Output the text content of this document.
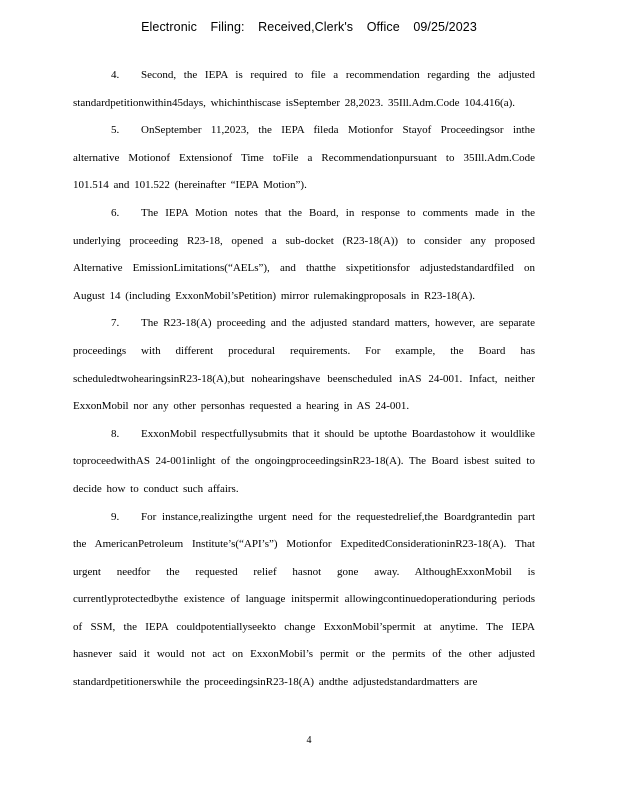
Electronic Filing: Received,Clerk's Office 09/25/2023

4. Second, the IEPA is required to file a recommendation regarding the adjusted standardpetitionwithin45days, whichinthiscase isSeptember 28,2023. 35Ill.Adm.Code 104.416(a).

5. OnSeptember 11,2023, the IEPA fileda Motionfor Stayof Proceedingsor inthe alternative Motionof Extensionof Time toFile a Recommendationpursuant to 35Ill.Adm.Code 101.514 and 101.522 (hereinafter “IEPA Motion”).

6. The IEPA Motion notes that the Board, in response to comments made in the underlying proceeding R23-18, opened a sub-docket (R23-18(A)) to consider any proposed Alternative EmissionLimitations(“AELs”), and thatthe sixpetitionsfor adjustedstandardfiled on August 14 (including ExxonMobil’sPetition) mirror rulemakingproposals in R23-18(A).

7. The R23-18(A) proceeding and the adjusted standard matters, however, are separate proceedings with different procedural requirements. For example, the Board has scheduledtwohearingsinR23-18(A),but nohearingshave beenscheduled inAS 24-001. Infact, neither ExxonMobil nor any other personhas requested a hearing in AS 24-001.

8. ExxonMobil respectfullysubmits that it should be uptothe Boardastohow it wouldlike toproceedwithAS 24-001inlight of the ongoingproceedingsinR23-18(A). The Board isbest suited to decide how to conduct such affairs.

9. For instance,realizingthe urgent need for the requestedrelief,the Boardgrantedin part the AmericanPetroleum Institute’s(“API’s”) Motionfor ExpeditedConsiderationinR23-18(A). That urgent needfor the requested relief hasnot gone away. AlthoughExxonMobil is currentlyprotectedbythe existence of language initspermit allowingcontinuedoperationduring periods of SSM, the IEPA couldpotentiallyseekto change ExxonMobil’spermit at anytime. The IEPA hasnever said it would not act on ExxonMobil’s permit or the permits of the other adjusted standardpetitionerswhile the proceedingsinR23-18(A) andthe adjustedstandardmatters are

4
